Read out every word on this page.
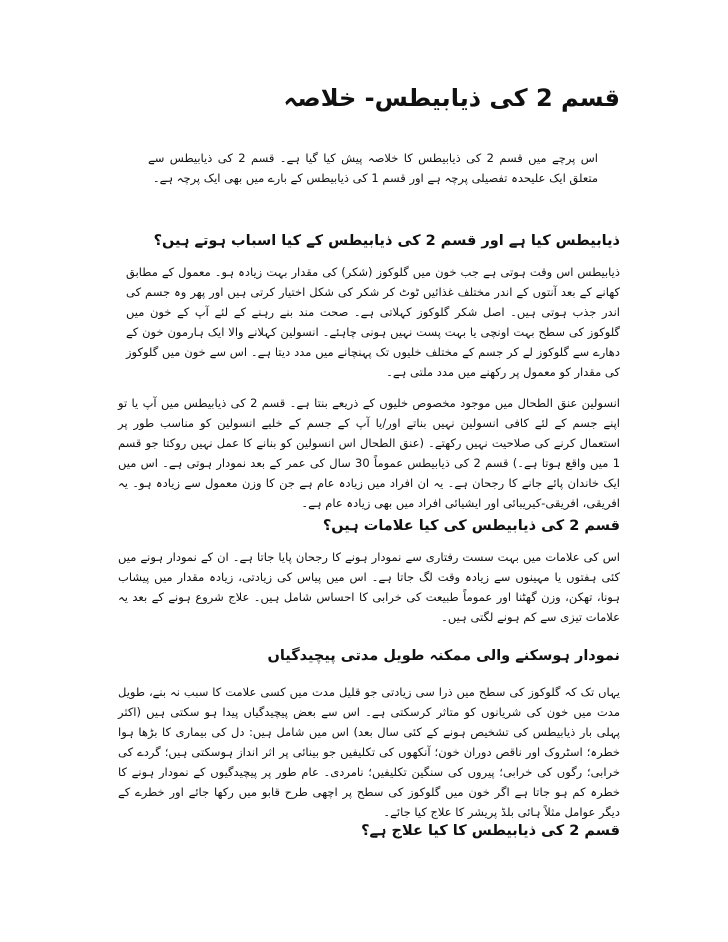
قسم 2 کی ذیابیطس- خلاصہ
اس پرچے میں قسم 2 کی ذیابیطس کا خلاصہ پیش کیا گیا ہے۔ قسم 2 کی ذیابیطس سے متعلق ایک علیحدہ تفصیلی پرچہ ہے اور قسم 1 کی ذیابیطس کے بارے میں بھی ایک پرچہ ہے۔
ذیابیطس کیا ہے اور قسم 2 کی ذیابیطس کے کیا اسباب ہوتے ہیں؟

ذیابیطس اس وقت ہوتی ہے جب خون میں گلوکوز (شکر) کی مقدار بہت زیادہ ہو۔ معمول کے مطابق کھانے کے بعد آنتوں کے اندر مختلف غذائیں ٹوٹ کر شکر کی شکل اختیار کرتی ہیں اور پھر وہ جسم کی اندر جذب ہوتی ہیں۔ اصل شکر گلوکوز کہلاتی ہے۔ صحت مند بنے رہنے کے لئے آپ کے خون میں گلوکوز کی سطح بہت اونچی یا بہت پست نہیں ہونی چاہئے۔ انسولین کہلانے والا ایک ہارمون خون کے دھارے سے گلوکوز لے کر جسم کے مختلف خلیوں تک پہنچانے میں مدد دیتا ہے۔ اس سے خون میں گلوکوز کی مقدار کو معمول پر رکھنے میں مدد ملتی ہے۔

انسولین عنق الطحال میں موجود مخصوص خلیوں کے ذریعے بنتا ہے۔ قسم 2 کی ذیابیطس میں آپ یا تو اپنے جسم کے لئے کافی انسولین نہیں بناتے اور/یا آپ کے جسم کے خلیے انسولین کو مناسب طور پر استعمال کرنے کی صلاحیت نہیں رکھتے۔ (عنق الطحال اس انسولین کو بنانے کا عمل نہیں روکتا جو قسم 1 میں واقع ہوتا ہے۔) قسم 2 کی ذیابیطس عموماً 30 سال کی عمر کے بعد نمودار ہوتی ہے۔ اس میں ایک خاندان پائے جانے کا رجحان ہے۔ یہ ان افراد میں زیادہ عام ہے جن کا وزن معمول سے زیادہ ہو۔ یہ افریقی، افریقی-کیریبائی اور ایشیائی افراد میں بھی زیادہ عام ہے۔

قسم 2 کی ذیابیطس کی کیا علامات ہیں؟

اس کی علامات میں بہت سست رفتاری سے نمودار ہونے کا رجحان پایا جاتا ہے۔ ان کے نمودار ہونے میں کئی ہفتوں یا مہینوں سے زیادہ وقت لگ جاتا ہے۔ اس میں پیاس کی زیادتی، زیادہ مقدار میں پیشاب ہونا، تھکن، وزن گھٹنا اور عموماً طبیعت کی خرابی کا احساس شامل ہیں۔ علاج شروع ہونے کے بعد یہ علامات تیزی سے کم ہونے لگتی ہیں۔

نمودار ہوسکنے والی ممکنہ طویل مدتی پیچیدگیاں

یہاں تک کہ گلوکوز کی سطح میں ذرا سی زیادتی جو قلیل مدت میں کسی علامت کا سبب نہ بنے، طویل مدت میں خون کی شریانوں کو متاثر کرسکتی ہے۔ اس سے بعض پیچیدگیاں پیدا ہو سکتی ہیں (اکثر پہلی بار ذیابیطس کی تشخیص ہونے کے کئی سال بعد) اس میں شامل ہیں: دل کی بیماری کا بڑھا ہوا خطرہ؛ اسٹروک اور ناقص دوران خون؛ آنکھوں کی تکلیفیں جو بینائی پر اثر انداز ہوسکتی ہیں؛ گردے کی خرابی؛ رگوں کی خرابی؛ پیروں کی سنگین تکلیفیں؛ نامردی۔ عام طور پر پیچیدگیوں کے نمودار ہونے کا خطرہ کم ہو جاتا ہے اگر خون میں گلوکوز کی سطح پر اچھی طرح قابو میں رکھا جائے اور خطرے کے دیگر عوامل مثلاً ہائی بلڈ پریشر کا علاج کیا جائے۔

قسم 2 کی ذیابیطس کا کیا علاج ہے؟
